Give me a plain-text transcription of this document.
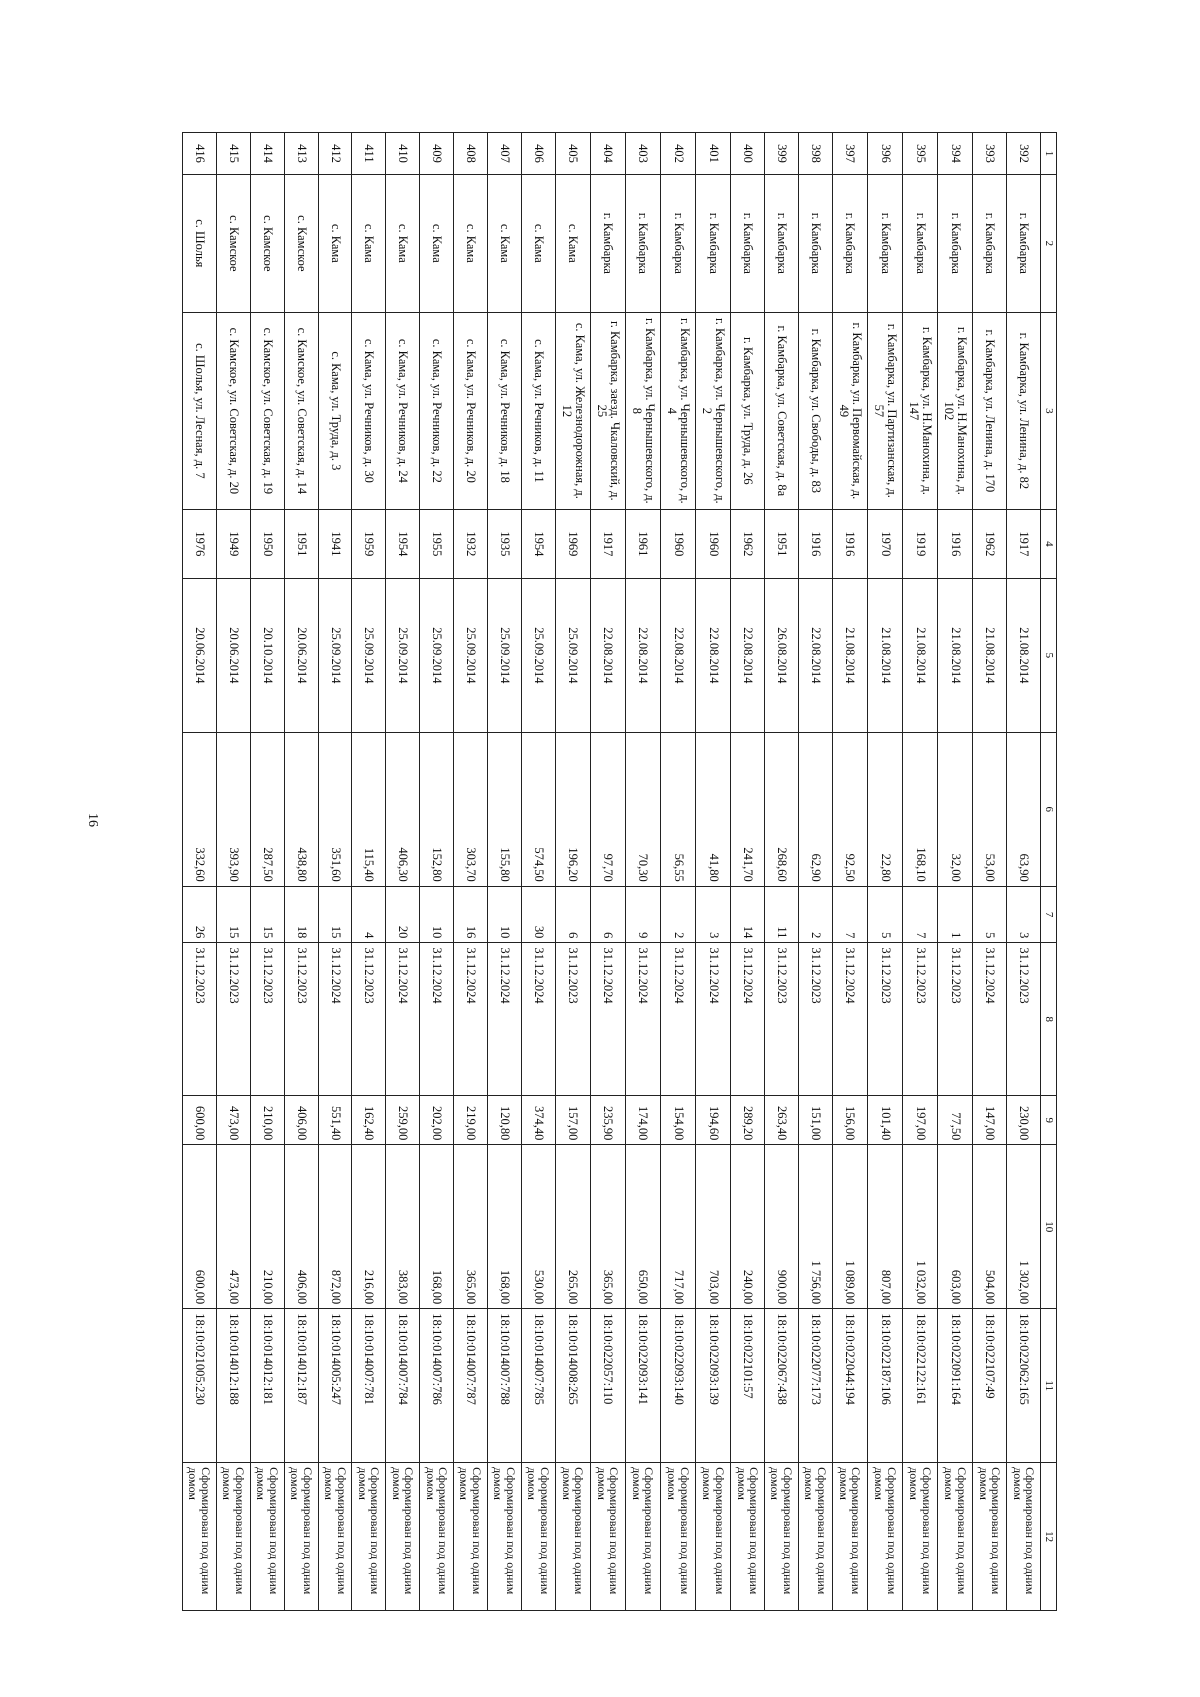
16
1	2	3	4	5	6	7	8	9	10	11	12
392	г. Камбарка	г. Камбарка, ул. Ленина, д. 82	1917	21.08.2014	63,90	3	31.12.2023	230,00	1 302,00	18:10:022062:165	Сформирован под одним домом
393	г. Камбарка	г. Камбарка, ул. Ленина, д. 170	1962	21.08.2014	53,00	5	31.12.2024	147,00	504,00	18:10:022107:49	Сформирован под одним домом
394	г. Камбарка	г. Камбарка, ул. Н.Манохина, д. 102	1916	21.08.2014	32,00	1	31.12.2023	77,50	603,00	18:10:022091:164	Сформирован под одним домом
395	г. Камбарка	г. Камбарка, ул. Н.Манохина, д. 147	1919	21.08.2014	168,10	7	31.12.2023	197,00	1 032,00	18:10:022122:161	Сформирован под одним домом
396	г. Камбарка	г. Камбарка, ул. Партизанская, д. 57	1970	21.08.2014	22,80	5	31.12.2023	101,40	807,00	18:10:022187:106	Сформирован под одним домом
397	г. Камбарка	г. Камбарка, ул. Первомайская, д. 49	1916	21.08.2014	92,50	7	31.12.2024	156,00	1 089,00	18:10:022044:194	Сформирован под одним домом
398	г. Камбарка	г. Камбарка, ул. Свободы, д. 83	1916	22.08.2014	62,90	2	31.12.2023	151,00	1 756,00	18:10:022077:173	Сформирован под одним домом
399	г. Камбарка	г. Камбарка, ул. Советская, д. 8а	1951	26.08.2014	268,60	11	31.12.2023	263,40	900,00	18:10:022067:438	Сформирован под одним домом
400	г. Камбарка	г. Камбарка, ул. Труда, д. 26	1962	22.08.2014	241,70	14	31.12.2024	289,20	240,00	18:10:022101:57	Сформирован под одним домом
401	г. Камбарка	г. Камбарка, ул. Чернышевского, д. 2	1960	22.08.2014	41,80	3	31.12.2024	194,60	703,00	18:10:022093:139	Сформирован под одним домом
402	г. Камбарка	г. Камбарка, ул. Чернышевского, д. 4	1960	22.08.2014	56,55	2	31.12.2024	154,00	717,00	18:10:022093:140	Сформирован под одним домом
403	г. Камбарка	г. Камбарка, ул. Чернышевского, д. 8	1961	22.08.2014	70,30	9	31.12.2024	174,00	650,00	18:10:022093:141	Сформирован под одним домом
404	г. Камбарка	г. Камбарка, заезд. Чкаловский, д. 25	1917	22.08.2014	97,70	6	31.12.2024	235,90	365,00	18:10:022057:110	Сформирован под одним домом
405	с. Кама	с. Кама, ул. Железнодорожная, д. 12	1969	25.09.2014	196,20	6	31.12.2023	157,00	265,00	18:10:014008:265	Сформирован под одним домом
406	с. Кама	с. Кама, ул. Речников, д. 11	1954	25.09.2014	574,50	30	31.12.2024	374,40	530,00	18:10:014007:785	Сформирован под одним домом
407	с. Кама	с. Кама, ул. Речников, д. 18	1935	25.09.2014	155,80	10	31.12.2024	120,80	168,00	18:10:014007:788	Сформирован под одним домом
408	с. Кама	с. Кама, ул. Речников, д. 20	1932	25.09.2014	303,70	16	31.12.2024	219,00	365,00	18:10:014007:787	Сформирован под одним домом
409	с. Кама	с. Кама, ул. Речников, д. 22	1955	25.09.2014	152,80	10	31.12.2024	202,00	168,00	18:10:014007:786	Сформирован под одним домом
410	с. Кама	с. Кама, ул. Речников, д. 24	1954	25.09.2014	406,30	20	31.12.2024	259,00	383,00	18:10:014007:784	Сформирован под одним домом
411	с. Кама	с. Кама, ул. Речников, д. 30	1959	25.09.2014	115,40	4	31.12.2023	162,40	216,00	18:10:014007:781	Сформирован под одним домом
412	с. Кама	с. Кама, ул. Труда, д. 3	1941	25.09.2014	351,60	15	31.12.2024	551,40	872,00	18:10:014005:247	Сформирован под одним домом
413	с. Камское	с. Камское, ул. Советская, д. 14	1951	20.06.2014	438,80	18	31.12.2023	406,00	406,00	18:10:014012:187	Сформирован под одним домом
414	с. Камское	с. Камское, ул. Советская, д. 19	1950	20.10.2014	287,50	15	31.12.2023	210,00	210,00	18:10:014012:181	Сформирован под одним домом
415	с. Камское	с. Камское, ул. Советская, д. 20	1949	20.06.2014	393,90	15	31.12.2023	473,00	473,00	18:10:014012:188	Сформирован под одним домом
416	с. Шолья	с. Шолья, ул. Лесная, д. 7	1976	20.06.2014	332,60	26	31.12.2023	600,00	600,00	18:10:021005:230	Сформирован под одним домом
